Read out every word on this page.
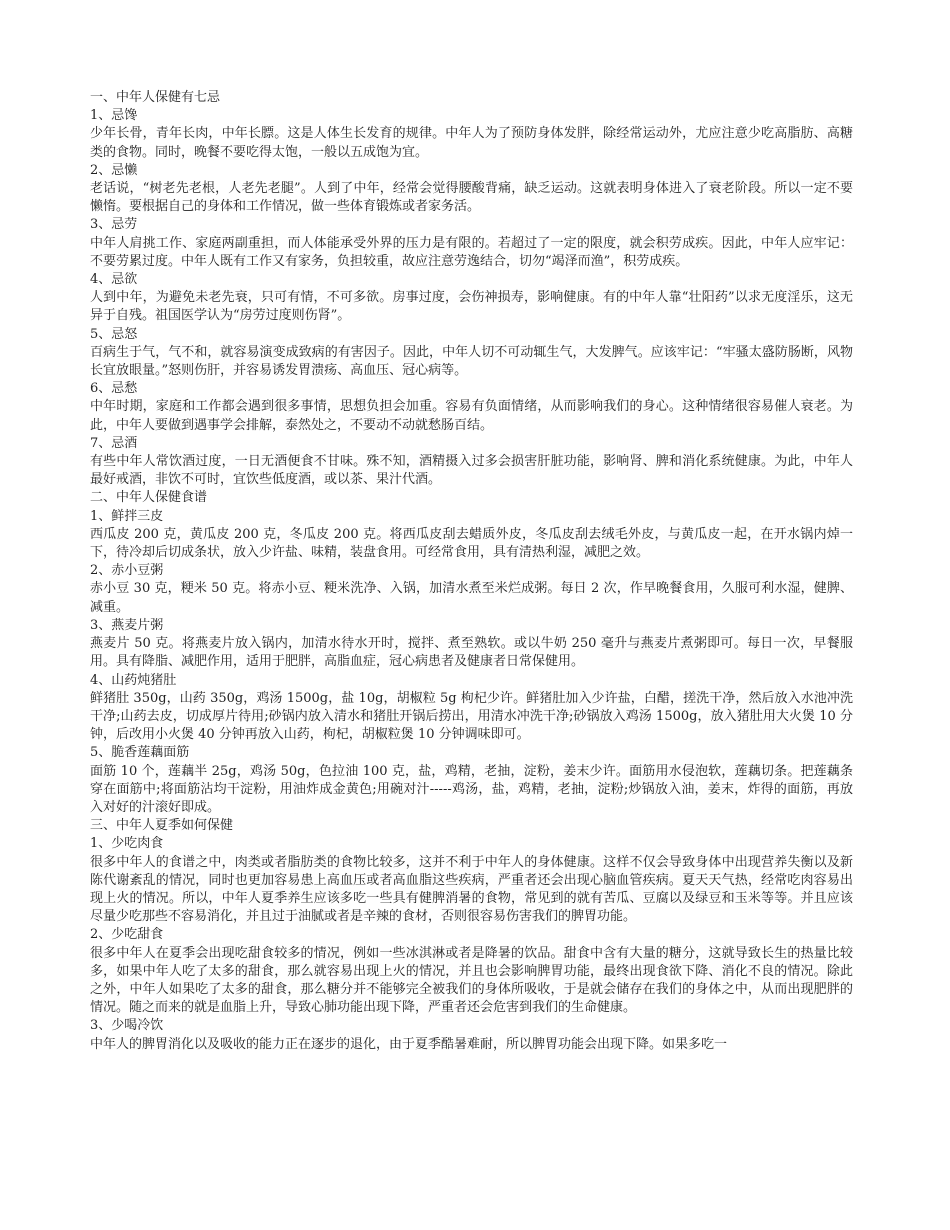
一、中年人保健有七忌

1、忌馋

少年长骨，青年长肉，中年长膘。这是人体生长发育的规律。中年人为了预防身体发胖，除经常运动外，尤应注意少吃高脂肪、高糖类的食物。同时，晚餐不要吃得太饱，一般以五成饱为宜。

2、忌懒

老话说，“树老先老根，人老先老腿”。人到了中年，经常会觉得腰酸背痛，缺乏运动。这就表明身体进入了衰老阶段。所以一定不要懒惰。要根据自己的身体和工作情况，做一些体育锻炼或者家务活。

3、忌劳

中年人肩挑工作、家庭两副重担，而人体能承受外界的压力是有限的。若超过了一定的限度，就会积劳成疾。因此，中年人应牢记：不要劳累过度。中年人既有工作又有家务，负担较重，故应注意劳逸结合，切勿“竭泽而渔”，积劳成疾。

4、忌欲

人到中年，为避免未老先衰，只可有情，不可多欲。房事过度，会伤神损寿，影响健康。有的中年人靠“壮阳药”以求无度淫乐，这无异于自残。祖国医学认为“房劳过度则伤肾”。

5、忌怒

百病生于气，气不和，就容易演变成致病的有害因子。因此，中年人切不可动辄生气，大发脾气。应该牢记：“牢骚太盛防肠断，风物长宜放眼量。”怒则伤肝，并容易诱发胃溃疡、高血压、冠心病等。

6、忌愁

中年时期，家庭和工作都会遇到很多事情，思想负担会加重。容易有负面情绪，从而影响我们的身心。这种情绪很容易催人衰老。为此，中年人要做到遇事学会排解，泰然处之，不要动不动就愁肠百结。

7、忌酒

有些中年人常饮酒过度，一日无酒便食不甘味。殊不知，酒精摄入过多会损害肝脏功能，影响肾、脾和消化系统健康。为此，中年人最好戒酒，非饮不可时，宜饮些低度酒，或以茶、果汁代酒。

二、中年人保健食谱

1、鲜拌三皮

西瓜皮 200 克，黄瓜皮 200 克，冬瓜皮 200 克。将西瓜皮刮去蜡质外皮，冬瓜皮刮去绒毛外皮，与黄瓜皮一起，在开水锅内焯一下，待冷却后切成条状，放入少许盐、味精，装盘食用。可经常食用，具有清热利湿，减肥之效。

2、赤小豆粥

赤小豆 30 克，粳米 50 克。将赤小豆、粳米洗净、入锅，加清水煮至米烂成粥。每日 2 次，作早晚餐食用，久服可利水湿，健脾、减重。

3、燕麦片粥

燕麦片 50 克。将燕麦片放入锅内，加清水待水开时，搅拌、煮至熟软。或以牛奶 250 毫升与燕麦片煮粥即可。每日一次，早餐服用。具有降脂、减肥作用，适用于肥胖，高脂血症，冠心病患者及健康者日常保健用。

4、山药炖猪肚

鲜猪肚 350g，山药 350g，鸡汤 1500g，盐 10g，胡椒粒 5g 枸杞少许。鲜猪肚加入少许盐，白醋，搓洗干净，然后放入水池冲洗干净;山药去皮，切成厚片待用;砂锅内放入清水和猪肚开锅后捞出，用清水冲洗干净;砂锅放入鸡汤 1500g，放入猪肚用大火煲 10 分钟，后改用小火煲 40 分钟再放入山药，枸杞，胡椒粒煲 10 分钟调味即可。

5、脆香莲藕面筋

面筋 10 个，莲藕半 25g，鸡汤 50g，色拉油 100 克，盐，鸡精，老抽，淀粉，姜末少许。面筋用水侵泡软，莲藕切条。把莲藕条穿在面筋中;将面筋沾均干淀粉，用油炸成金黄色;用碗对汁-----鸡汤，盐，鸡精，老抽，淀粉;炒锅放入油，姜末，炸得的面筋，再放入对好的汁滚好即成。

三、中年人夏季如何保健

1、少吃肉食

很多中年人的食谱之中，肉类或者脂肪类的食物比较多，这并不利于中年人的身体健康。这样不仅会导致身体中出现营养失衡以及新陈代谢紊乱的情况，同时也更加容易患上高血压或者高血脂这些疾病，严重者还会出现心脑血管疾病。夏天天气热，经常吃肉容易出现上火的情况。所以，中年人夏季养生应该多吃一些具有健脾消暑的食物，常见到的就有苦瓜、豆腐以及绿豆和玉米等等。并且应该尽量少吃那些不容易消化，并且过于油腻或者是辛辣的食材，否则很容易伤害我们的脾胃功能。

2、少吃甜食

很多中年人在夏季会出现吃甜食较多的情况，例如一些冰淇淋或者是降暑的饮品。甜食中含有大量的糖分，这就导致长生的热量比较多，如果中年人吃了太多的甜食，那么就容易出现上火的情况，并且也会影响脾胃功能，最终出现食欲下降、消化不良的情况。除此之外，中年人如果吃了太多的甜食，那么糖分并不能够完全被我们的身体所吸收，于是就会储存在我们的身体之中，从而出现肥胖的情况。随之而来的就是血脂上升，导致心肺功能出现下降，严重者还会危害到我们的生命健康。

3、少喝冷饮

中年人的脾胃消化以及吸收的能力正在逐步的退化，由于夏季酷暑难耐，所以脾胃功能会出现下降。如果多吃一
